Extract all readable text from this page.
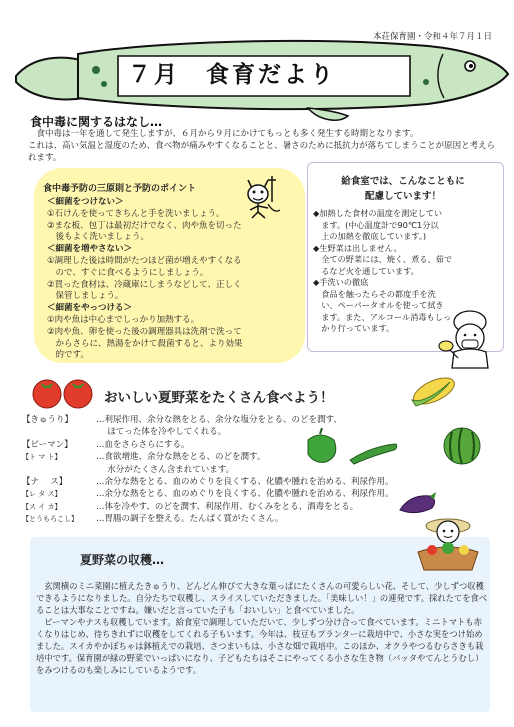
本荘保育園・令和４年７月１日
７月　食育だより
食中毒に関するはなし…

食中毒は一年を通して発生しますが、６月から９月にかけてもっとも多く発生する時期となります。

これは、高い気温と湿度のため、食べ物が痛みやすくなることと、暑さのために抵抗力が落ちてしまうことが原因と考えられます。

食中毒予防の三原則と予防のポイント
＜細菌をつけない＞
①石けんを使ってきちんと手を洗いましょう。
②まな板、包丁は最初だけでなく、肉や魚を切った
　後もよく洗いましょう。
＜細菌を増やさない＞
①調理した後は時間がたつほど菌が増えやすくなる
　ので、すぐに食べるようにしましょう。
②買った食材は、冷蔵庫にしまうなどして、正しく
　保管しましょう。
＜細菌をやっつける＞
①肉や魚は中心までしっかり加熱する。
②肉や魚、卵を使った後の調理器具は洗剤で洗って
　からさらに、熱湯をかけて殺菌すると、より効果
　的です。
給食室では、こんなこともに
配慮しています！
◆加熱した食材の温度を測定してい
　ます。(中心温度計で90℃1分以
　上の加熱を徹底しています。)
◆生野菜は出しません。
　全ての野菜には、焼く、煮る、茹で
　るなど火を通しています。
◆手洗いの徹底
　食品を触ったらその都度手を洗
　い、ペーパータオルを使って拭き
　ます。また、アルコール消毒もしっ
　かり行っています。
おいしい夏野菜をたくさん食べよう！
【きゅうり】	…利尿作用、余分な熱をとる、余分な塩分をとる、のどを潤す、
　 ほてった体を冷やしてくれる。
【ピーマン】	…血をさらさらにする。
【ト マ ト】	…食欲増進、余分な熱をとる、のどを潤す。
　 水分がたくさん含まれています。
【ナ　 ス】	…余分な熱をとる、血のめぐりを良くする、化膿や腫れを治める、利尿作用。
【レ タ ス】	…余分な熱をとる、血のめぐりを良くする、化膿や腫れを治める、利尿作用。
【ス イ カ】	…体を冷やす、のどを潤す、利尿作用、むくみをとる、酒毒をとる。
【とうもろこし】 …胃腸の調子を整える。たんぱく質がたくさん。
夏野菜の収穫…

玄関横のミニ菜園に植えたきゅうり、どんどん伸びて大きな葉っぱにたくさんの可愛らしい花、そして、少しずつ収穫できるようになりました。自分たちで収穫し、スライスしていただきました。「美味しい！」の連発です。採れたてを食べることは大事なことですね。嫌いだと言っていた子も「おいしい」と食べていました。

ピーマンやナスも収穫しています。給食室で調理していただいて、少しずつ分け合って食べています。ミニトマトも赤くなりはじめ、待ちきれずに収穫をしてくれる子もいます。今年は、枝豆もプランターに栽培中で、小さな実をつけ始めました。スイカやかぼちゃは鉢植えでの栽培、さつまいもは、小さな畑で栽培中。このほか、オクラやつるむらさきも栽培中です。保育園が緑の野菜でいっぱいになり、子どもたちはそこにやってくる小さな生き物（バッタやてんとうむし）をみつけるのも楽しみにしているようです。
